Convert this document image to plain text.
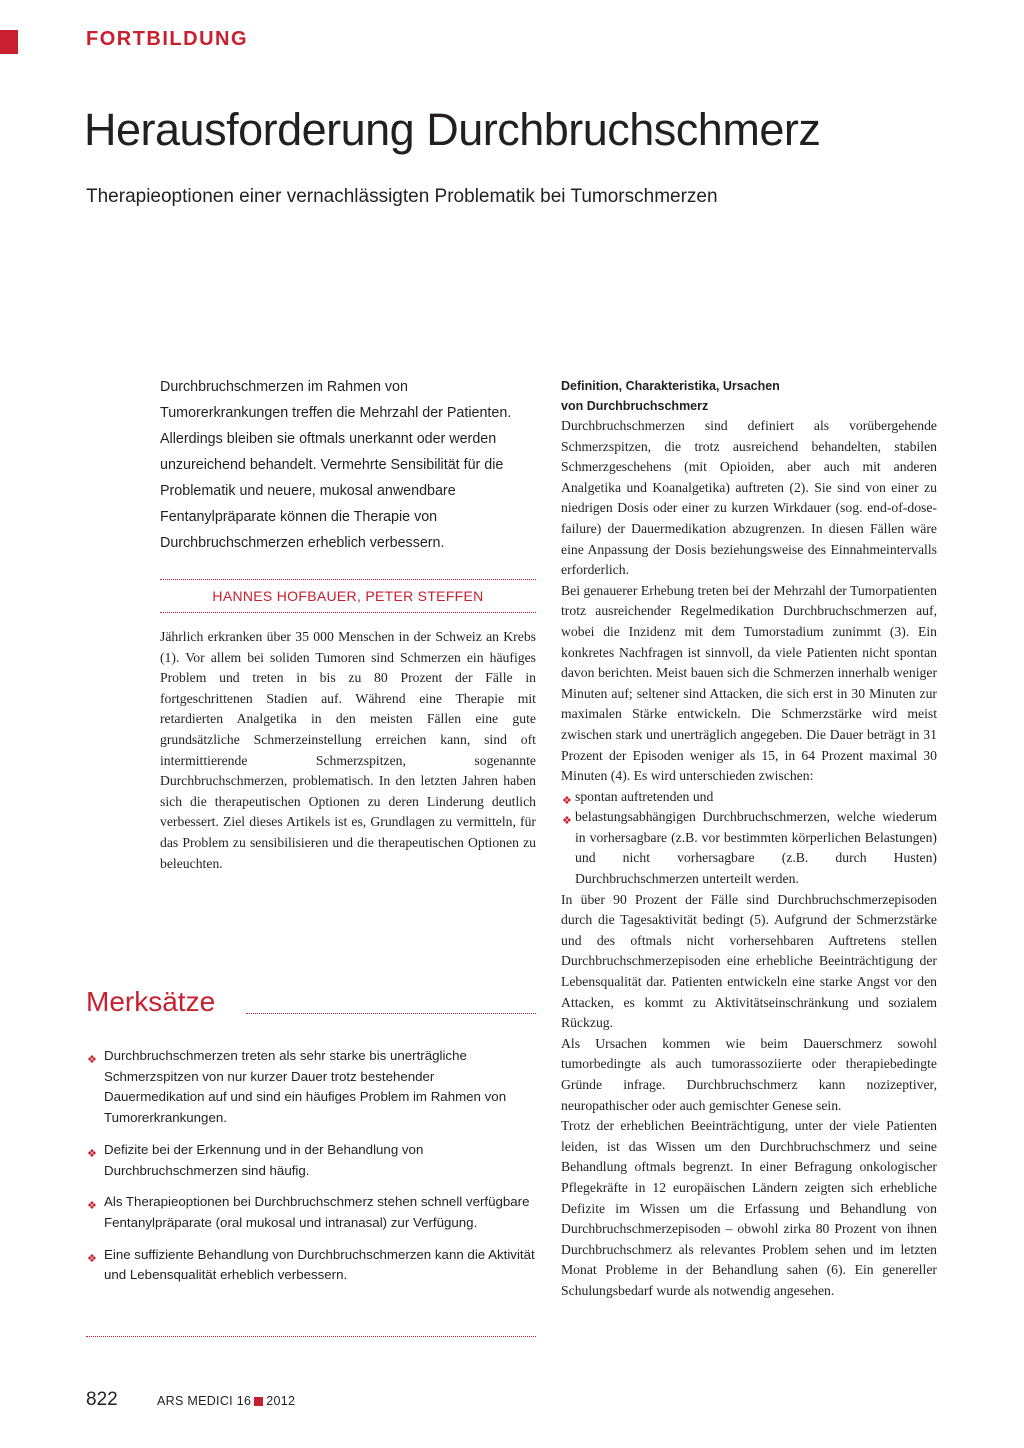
FORTBILDUNG
Herausforderung Durchbruchschmerz
Therapieoptionen einer vernachlässigten Problematik bei Tumorschmerzen

Durchbruchschmerzen im Rahmen von Tumorerkrankungen treffen die Mehrzahl der Patienten. Allerdings bleiben sie oftmals unerkannt oder werden unzureichend behandelt. Vermehrte Sensibilität für die Problematik und neuere, mukosal anwendbare Fentanylpräparate können die Therapie von Durchbruchschmerzen erheblich verbessern.

HANNES HOFBAUER, PETER STEFFEN

Jährlich erkranken über 35 000 Menschen in der Schweiz an Krebs (1). Vor allem bei soliden Tumoren sind Schmerzen ein häufiges Problem und treten in bis zu 80 Prozent der Fälle in fortgeschrittenen Stadien auf. Während eine Therapie mit retardierten Analgetika in den meisten Fällen eine gute grundsätzliche Schmerzeinstellung erreichen kann, sind oft intermittierende Schmerzspitzen, sogenannte Durchbruchschmerzen, problematisch. In den letzten Jahren haben sich die therapeutischen Optionen zu deren Linderung deutlich verbessert. Ziel dieses Artikels ist es, Grundlagen zu vermitteln, für das Problem zu sensibilisieren und die therapeutischen Optionen zu beleuchten.

Definition, Charakteristika, Ursachen
von Durchbruchschmerz

Durchbruchschmerzen sind definiert als vorübergehende Schmerzspitzen, die trotz ausreichend behandelten, stabilen Schmerzgeschehens (mit Opioiden, aber auch mit anderen Analgetika und Koanalgetika) auftreten (2). Sie sind von einer zu niedrigen Dosis oder einer zu kurzen Wirkdauer (sog. end-of-dose-failure) der Dauermedikation abzugrenzen. In diesen Fällen wäre eine Anpassung der Dosis beziehungsweise des Einnahmeintervalls erforderlich.

Bei genauerer Erhebung treten bei der Mehrzahl der Tumorpatienten trotz ausreichender Regelmedikation Durchbruchschmerzen auf, wobei die Inzidenz mit dem Tumorstadium zunimmt (3). Ein konkretes Nachfragen ist sinnvoll, da viele Patienten nicht spontan davon berichten. Meist bauen sich die Schmerzen innerhalb weniger Minuten auf; seltener sind Attacken, die sich erst in 30 Minuten zur maximalen Stärke entwickeln. Die Schmerzstärke wird meist zwischen stark und unerträglich angegeben. Die Dauer beträgt in 31 Prozent der Episoden weniger als 15, in 64 Prozent maximal 30 Minuten (4). Es wird unterschieden zwischen:

❖ spontan auftretenden und
❖ belastungsabhängigen Durchbruchschmerzen, welche wiederum in vorhersagbare (z.B. vor bestimmten körperlichen Belastungen) und nicht vorhersagbare (z.B. durch Husten) Durchbruchschmerzen unterteilt werden.

In über 90 Prozent der Fälle sind Durchbruchschmerzepisoden durch die Tagesaktivität bedingt (5). Aufgrund der Schmerzstärke und des oftmals nicht vorhersehbaren Auftretens stellen Durchbruchschmerzepisoden eine erhebliche Beeinträchtigung der Lebensqualität dar. Patienten entwickeln eine starke Angst vor den Attacken, es kommt zu Aktivitätseinschränkung und sozialem Rückzug.

Als Ursachen kommen wie beim Dauerschmerz sowohl tumorbedingte als auch tumorassoziierte oder therapiebedingte Gründe infrage. Durchbruchschmerz kann nozizeptiver, neuropathischer oder auch gemischter Genese sein.

Trotz der erheblichen Beeinträchtigung, unter der viele Patienten leiden, ist das Wissen um den Durchbruchschmerz und seine Behandlung oftmals begrenzt. In einer Befragung onkologischer Pflegekräfte in 12 europäischen Ländern zeigten sich erhebliche Defizite im Wissen um die Erfassung und Behandlung von Durchbruchschmerzepisoden – obwohl zirka 80 Prozent von ihnen Durchbruchschmerz als relevantes Problem sehen und im letzten Monat Probleme in der Behandlung sahen (6). Ein genereller Schulungsbedarf wurde als notwendig angesehen.

Merksätze
❖ Durchbruchschmerzen treten als sehr starke bis unerträgliche Schmerzspitzen von nur kurzer Dauer trotz bestehender Dauermedikation auf und sind ein häufiges Problem im Rahmen von Tumorerkrankungen.
❖ Defizite bei der Erkennung und in der Behandlung von Durchbruchschmerzen sind häufig.
❖ Als Therapieoptionen bei Durchbruchschmerz stehen schnell verfügbare Fentanylpräparate (oral mukosal und intranasal) zur Verfügung.
❖ Eine suffiziente Behandlung von Durchbruchschmerzen kann die Aktivität und Lebensqualität erheblich verbessern.
822	ARS MEDICI 16 2012
